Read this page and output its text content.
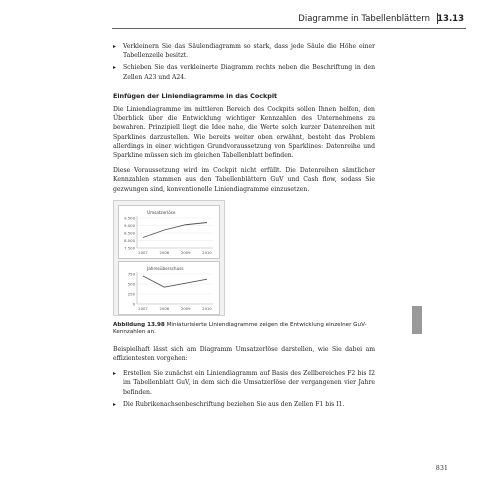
Diagramme in Tabellenblättern 13.13
▸ Verkleinern Sie das Säulendiagramm so stark, dass jede Säule die Höhe einer Tabellenzeile besitzt.
▸ Schieben Sie das verkleinerte Diagramm rechts neben die Beschriftung in den Zellen A23 und A24.
Einfügen der Liniendiagramme in das Cockpit

Die Liniendiagramme im mittleren Bereich des Cockpits sollen Ihnen helfen, den Überblick über die Entwicklung wichtiger Kennzahlen des Unternehmens zu bewahren. Prinzipiell liegt die Idee nahe, die Werte solch kurzer Datenreihen mit Sparklines darzustellen. Wie bereits weiter oben erwähnt, besteht das Problem allerdings in einer wichtigen Grundvoraussetzung von Sparklines: Datenreihe und Sparkline müssen sich im gleichen Tabellenblatt befinden.

Diese Voraussetzung wird im Cockpit nicht erfüllt. Die Datenreihen sämtlicher Kennzahlen stammen aus den Tabellenblättern GuV und Cash flow, sodass Sie gezwungen sind, konventionelle Liniendiagramme einzusetzen.

Umsatzerlöse
9.500
9.000
8.500
8.000
7.500
2007	2008	2009	2010
Jahresüberschuss
750
500
250
0
2007	2008	2009	2010
Abbildung 13.98 Miniaturisierte Liniendiagramme zeigen die Entwicklung einzelner GuV-Kennzahlen an.

Beispielhaft lässt sich am Diagramm Umsatzerlöse darstellen, wie Sie dabei am effizientesten vorgehen:

▸ Erstellen Sie zunächst ein Liniendiagramm auf Basis des Zellbereiches F2 bis I2 im Tabellenblatt GuV, in dem sich die Umsatzerlöse der vergangenen vier Jahre befinden.
▸ Die Rubrikenachsenbeschriftung beziehen Sie aus den Zellen F1 bis I1.
831
